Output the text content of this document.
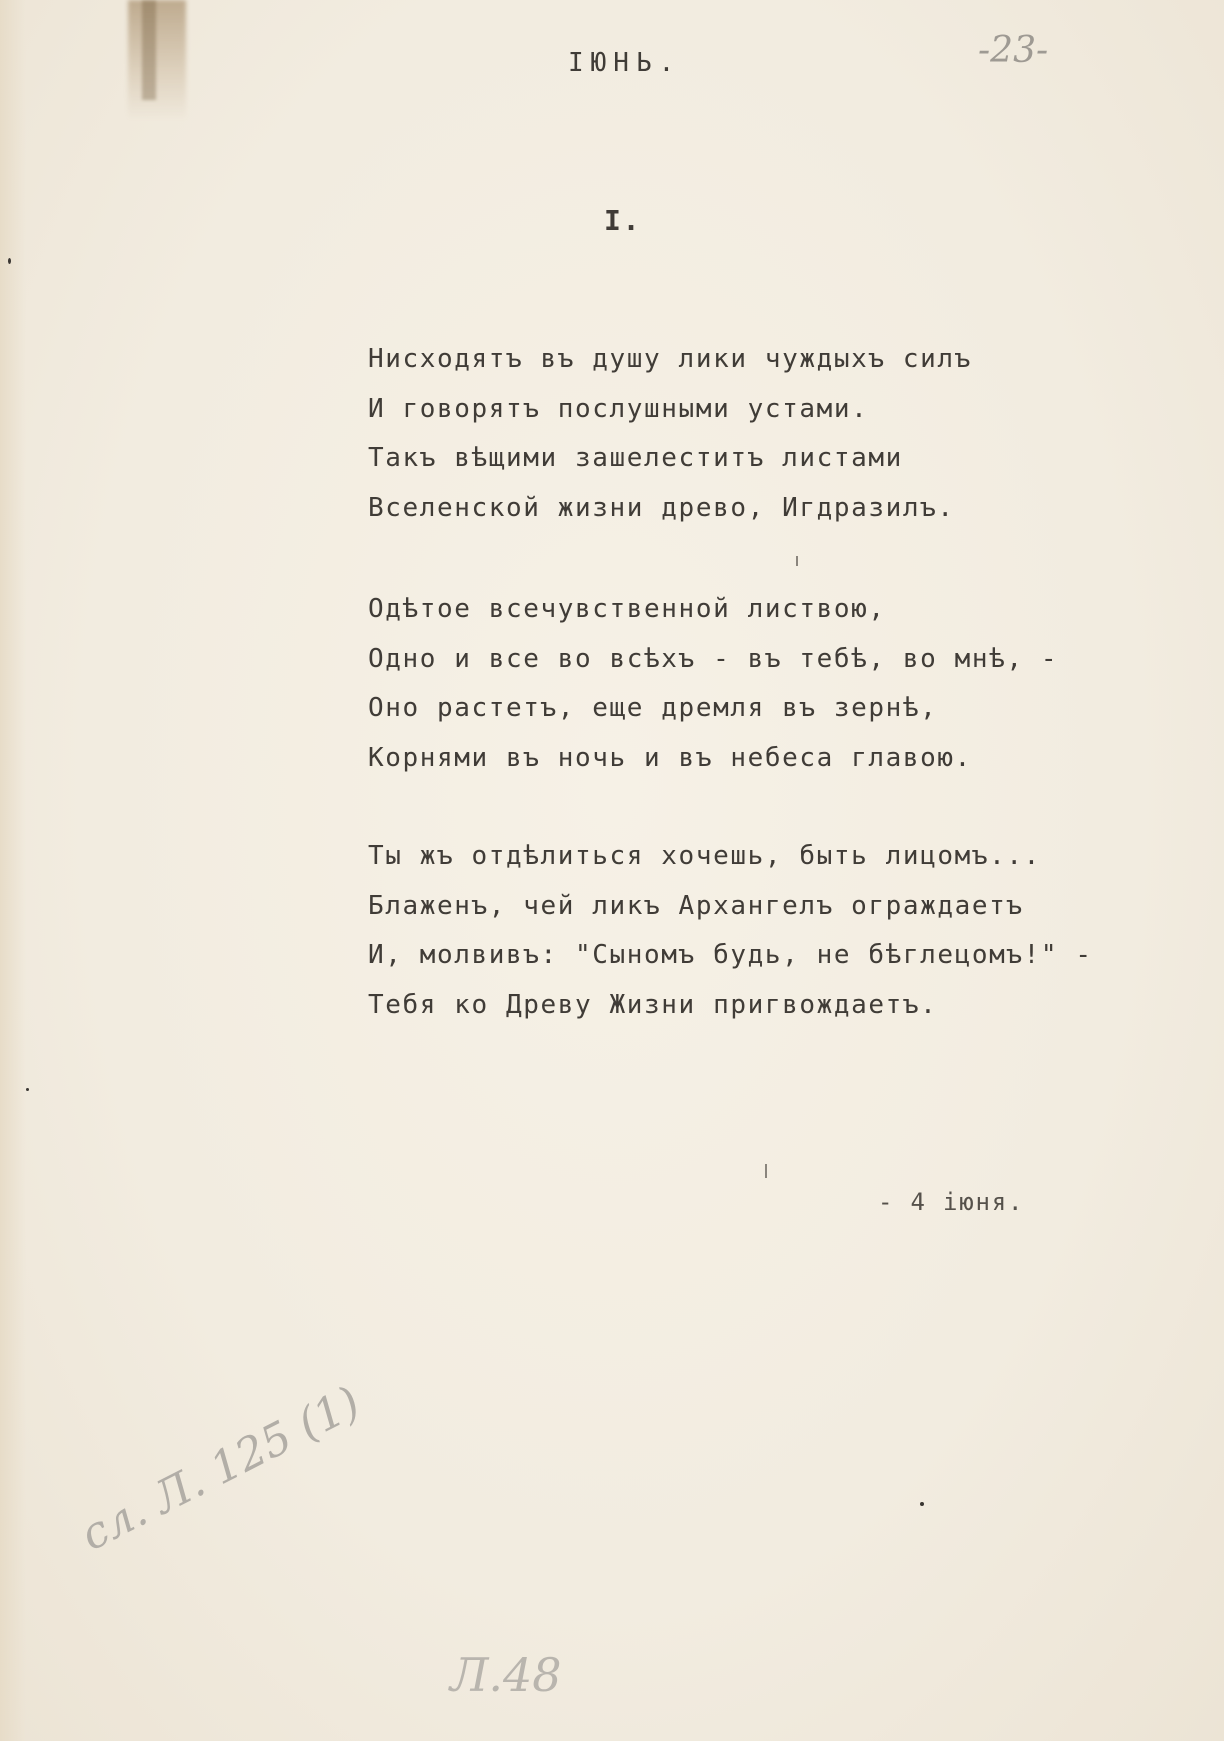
-23-
IЮНЬ.
I.
Нисходятъ въ душу лики чуждыхъ силъ
И говорятъ послушными устами.
Такъ вѣщими зашелеститъ листами
Вселенской жизни древо, Игдразилъ.
Одѣтое всечувственной листвою,
Одно и все во всѣхъ - въ тебѣ, во мнѣ, -
Оно растетъ, еще дремля въ зернѣ,
Корнями въ ночь и въ небеса главою.
Ты жъ отдѣлиться хочешь, быть лицомъ...
Блаженъ, чей ликъ Архангелъ ограждаетъ
И, молвивъ: "Сыномъ будь, не бѣглецомъ!" -
Тебя ко Древу Жизни пригвождаетъ.
- 4 iюня.
сл. Л. 125 (1)
Л.48
